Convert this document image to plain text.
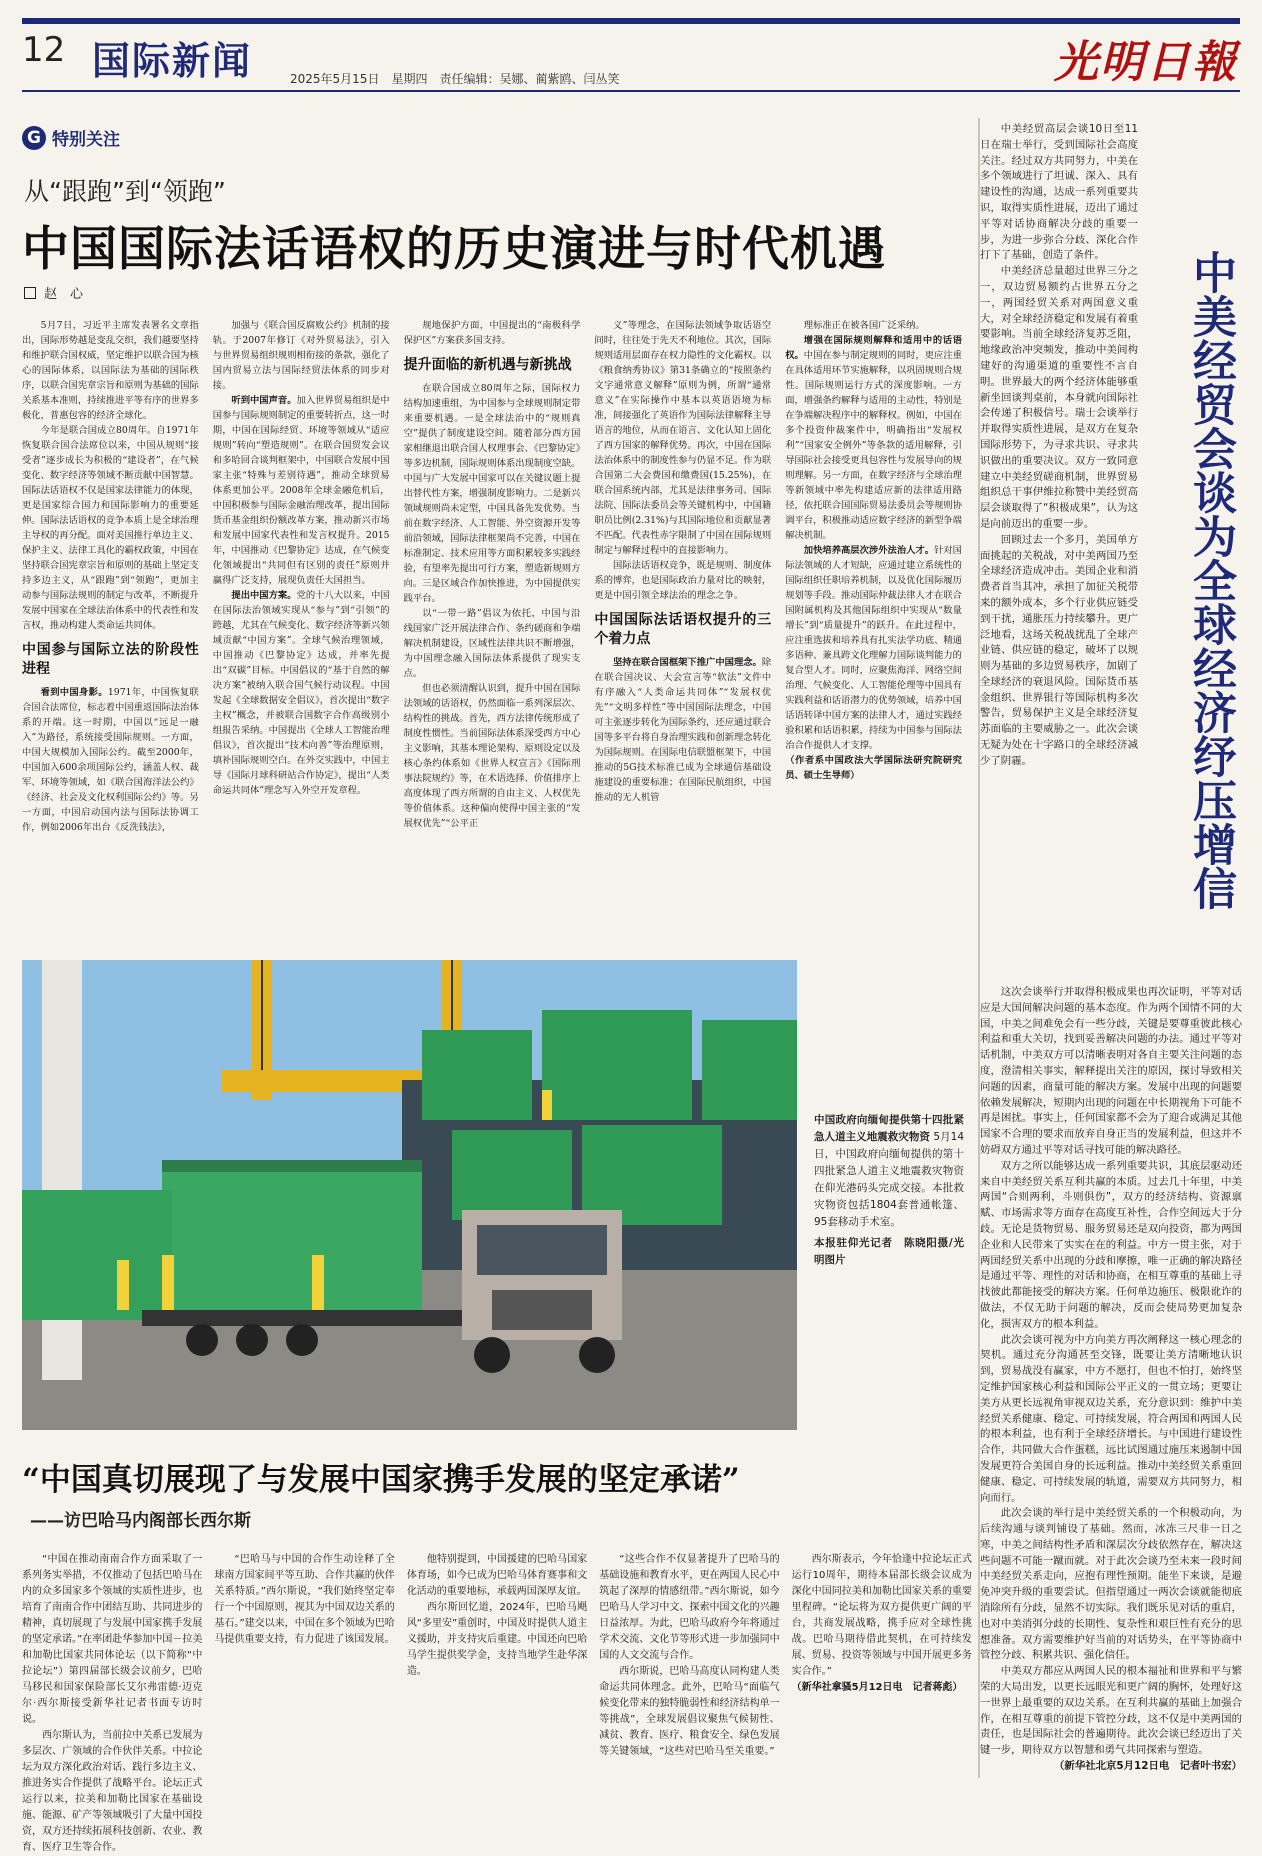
12 国际新闻	2025年5月15日　星期四　责任编辑：吴娜、蔺紫鸥、闫丛笑	光明日報
G 特别关注
从“跟跑”到“领跑”
中国国际法话语权的历史演进与时代机遇
赵　心

5月7日，习近平主席发表署名文章指出，国际形势越是变乱交织，我们越要坚持和维护联合国权威，坚定维护以联合国为核心的国际体系，以国际法为基础的国际秩序，以联合国宪章宗旨和原则为基础的国际关系基本准则，持续推进平等有序的世界多极化，普惠包容的经济全球化。

今年是联合国成立80周年。自1971年恢复联合国合法席位以来，中国从规则“接受者”逐步成长为积极的“建设者”，在气候变化、数字经济等领域不断贡献中国智慧。国际法话语权不仅是国家法律能力的体现，更是国家综合国力和国际影响力的重要延伸。国际法话语权的竞争本质上是全球治理主导权的再分配。面对美国推行单边主义、保护主义、法律工具化的霸权政策，中国在坚持联合国宪章宗旨和原则的基础上坚定支持多边主义，从“跟跑”到“领跑”，更加主动参与国际法规则的制定与改革，不断提升发展中国家在全球法治体系中的代表性和发言权，推动构建人类命运共同体。

中国参与国际立法的阶段性进程

看到中国身影。1971年，中国恢复联合国合法席位，标志着中国重返国际法治体系的开端。这一时期，中国以“远足一融入”为路径，系统接受国际规则。一方面，中国大规模加入国际公约。截至2000年，中国加入600余项国际公约，涵盖人权、裁军、环境等领域，如《联合国海洋法公约》《经济、社会及文化权利国际公约》等。另一方面，中国启动国内法与国际法协调工作，例如2006年出台《反洗钱法》，

加强与《联合国反腐败公约》机制的接轨。于2007年修订《对外贸易法》，引入与世界贸易组织规则相衔接的条款，强化了国内贸易立法与国际经贸法体系的同步对接。

听到中国声音。加入世界贸易组织是中国参与国际规则制定的重要转折点，这一时期，中国在国际经贸、环境等领域从“适应规则”转向“塑造规则”。在联合国贸发会议和多哈回合谈判框架中，中国联合发展中国家主张“特殊与差别待遇”，推动全球贸易体系更加公平。2008年全球金融危机后，中国积极参与国际金融治理改革，提出国际货币基金组织份额改革方案，推动新兴市场和发展中国家代表性和发言权提升。2015年，中国推动《巴黎协定》达成，在气候变化领域提出“共同但有区别的责任”原则并赢得广泛支持，展现负责任大国担当。

提出中国方案。党的十八大以来，中国在国际法治领域实现从“参与”到“引领”的跨越，尤其在气候变化、数字经济等新兴领域贡献“中国方案”。全球气候治理领域，中国推动《巴黎协定》达成，并率先提出“双碳”目标。中国倡议的“基于自然的解决方案”被纳入联合国气候行动议程。中国发起《全球数据安全倡议》，首次提出“数字主权”概念，并被联合国数字合作高级别小组报告采纳。中国提出《全球人工智能治理倡议》，首次提出“技术向善”等治理原则，填补国际规则空白。在外交实践中，中国主导《国际月球科研站合作协定》，提出“人类命运共同体”理念写入外空开发章程。

规地保护方面，中国提出的“南极科学保护区”方案获多国支持。

提升面临的新机遇与新挑战

在联合国成立80周年之际，国际权力结构加速重组，为中国参与全球规则制定带来重要机遇。一是全球法治中的“规则真空”提供了制度建设空间。随着部分西方国家相继退出联合国人权理事会、《巴黎协定》等多边机制，国际规则体系出现制度空缺。中国与广大发展中国家可以在关键议题上提出替代性方案，增强制度影响力。二是新兴领域规则尚未定型，中国具备先发优势。当前在数字经济、人工智能、外空资源开发等前沿领域，国际法律框架尚不完善，中国在标准制定、技术应用等方面积累较多实践经验，有望率先提出可行方案，塑造新规则方向。三是区域合作加快推进，为中国提供实践平台。

以“一带一路”倡议为依托，中国与沿线国家广泛开展法律合作、条约磋商和争端解决机制建设，区域性法律共识不断增强，为中国理念融入国际法体系提供了现实支点。

但也必须清醒认识到，提升中国在国际法领域的话语权，仍然面临一系列深层次、结构性的挑战。首先，西方法律传统形成了制度性惯性。当前国际法体系深受西方中心主义影响，其基本理论架构、原则设定以及核心条约体系如《世界人权宣言》《国际刑事法院规约》等，在术语选择、价值排序上高度体现了西方所谓的自由主义、人权优先等价值体系。这种偏向使得中国主张的“发展权优先”“公平正

义”等理念，在国际法领域争取话语空间时，往往处于先天不利地位。其次，国际规则适用层面存在权力隐性的文化霸权。以《粮食纳秀协议》第31条确立的“按照条约文字通常意义解释”原则为例，所谓“通常意义”在实际操作中基本以英语语境为标准，间接强化了英语作为国际法律解释主导语言的地位，从而在语言、文化认知上固化了西方国家的解释优势。再次，中国在国际法治体系中的制度性参与仍显不足。作为联合国第二大会费国和缴费国(15.25%)，在联合国系统内部，尤其是法律事务司、国际法院、国际法委员会等关键机构中，中国籍职员比例(2.31%)与其国际地位和贡献显著不匹配。代表性赤字限制了中国在国际规则制定与解释过程中的直接影响力。

国际法话语权竞争，既是规则、制度体系的博弈，也是国际政治力量对比的映射，更是中国引领全球法治的理念之争。

中国国际法话语权提升的三个着力点

坚持在联合国框架下推广中国理念。除在联合国决议、大会宣言等“软法”文件中有序融入“人类命运共同体”“发展权优先”“文明多样性”等中国国际法理念，中国可主张逐步转化为国际条约，还应通过联合国等多平台将自身治理实践和创新理念转化为国际规则。在国际电信联盟框架下，中国推动的5G技术标准已成为全球通信基础设施建设的重要标准；在国际民航组织，中国推动的无人机管

理标准正在被各国广泛采纳。

增强在国际规则解释和适用中的话语权。中国在参与制定规则的同时，更应注重在具体适用环节实施解释，以巩固规则合规性。国际规则运行方式的深度影响。一方面，增强条约解释与适用的主动性，特别是在争端解决程序中的解释权。例如，中国在多个投资仲裁案件中，明确指出“发展权利”“国家安全例外”等条款的适用解释，引导国际社会接受更具包容性与发展导向的规则理解。另一方面，在数字经济与全球治理等新领域中率先构建适应新的法律适用路径，依托联合国国际贸易法委员会等规则协调平台，积极推动适应数字经济的新型争端解决机制。

加快培养高层次涉外法治人才。针对国际法领域的人才短缺，应通过建立系统性的国际组织任职培养机制，以及优化国际履历规划等手段。推动国际仲裁法律人才在联合国附属机构及其他国际组织中实现从“数量增长”到“质量提升”的跃升。在此过程中，应注重选拔和培养具有扎实法学功底、精通多语种、兼具跨文化理解力国际谈判能力的复合型人才。同时，应聚焦海洋、网络空间治理、气候变化、人工智能伦理等中国具有实践利益和话语潜力的优势领域，培养中国话语转译中国方案的法律人才，通过实践经验积累和话语积累，持续为中国参与国际法治合作提供人才支撑。

（作者系中国政法大学国际法研究院研究员、硕士生导师）

中国政府向缅甸提供第十四批紧急人道主义地震救灾物资 5月14日，中国政府向缅甸提供的第十四批紧急人道主义地震救灾物资在仰光港码头完成交接。本批救灾物资包括1804套普通帐篷、95套移动手术室。
本报驻仰光记者　陈晓阳摄/光明图片

中美经贸高层会谈10日至11日在瑞士举行，受到国际社会高度关注。经过双方共同努力，中美在多个领域进行了坦诚、深入、具有建设性的沟通，达成一系列重要共识，取得实质性进展，迈出了通过平等对话协商解决分歧的重要一步，为进一步弥合分歧、深化合作打下了基础，创造了条件。

中美经济总量超过世界三分之一，双边贸易额约占世界五分之一，两国经贸关系对两国意义重大，对全球经济稳定和发展有着重要影响。当前全球经济复苏乏阻，地缘政治冲突频发，推动中美间构建好的沟通渠道的重要性不言自明。世界最大的两个经济体能够重新坐回谈判桌前，本身就向国际社会传递了积极信号。瑞士会谈举行并取得实质性进展，是双方在复杂国际形势下，为寻求共识、寻求共识做出的重要决议。双方一致同意建立中美经贸磋商机制，世界贸易组织总干事伊维拉称赞中美经贸高层会谈取得了“积极成果”，认为这是向前迈出的重要一步。

回顾过去一个多月，美国单方面挑起的关税战，对中美两国乃至全球经济造成冲击。美国企业和消费者首当其冲，承担了加征关税带来的额外成本，多个行业供应链受到干扰，通胀压力持续攀升。更广泛地看，这场关税战扰乱了全球产业链、供应链的稳定，破坏了以规则为基础的多边贸易秩序，加剧了全球经济的衰退风险。国际货币基金组织、世界银行等国际机构多次警告，贸易保护主义是全球经济复苏面临的主要威胁之一。此次会谈无疑为处在十字路口的全球经济减少了阴霾。	中美经贸会谈为全球经济纾压增信

这次会谈举行并取得积极成果也再次证明，平等对话应是大国间解决问题的基本态度。作为两个国情不同的大国，中美之间难免会有一些分歧，关键是要尊重彼此核心利益和重大关切，找到妥善解决问题的办法。通过平等对话机制，中美双方可以清晰表明对各自主要关注问题的态度，澄清相关事实，解释提出关注的原因，探讨导致相关问题的因素，商量可能的解决方案。发展中出现的问题要依赖发展解决，短期内出现的问题在中长期视角下可能不再是困扰。事实上，任何国家都不会为了迎合或满足其他国家不合理的要求而放弃自身正当的发展利益，但这并不妨碍双方通过平等对话寻找可能的解决路径。

双方之所以能够达成一系列重要共识，其底层驱动还来自中美经贸关系互利共赢的本质。过去几十年里，中美两国“合则两利，斗则俱伤”，双方的经济结构、资源禀赋、市场需求等方面存在高度互补性，合作空间远大于分歧。无论是货物贸易、服务贸易还是双向投资，都为两国企业和人民带来了实实在在的利益。中方一贯主张，对于两国经贸关系中出现的分歧和摩擦，唯一正确的解决路径是通过平等、理性的对话和协商，在相互尊重的基础上寻找彼此都能接受的解决方案。任何单边施压、极限讹诈的做法，不仅无助于问题的解决，反而会使局势更加复杂化，损害双方的根本利益。

此次会谈可视为中方向美方再次阐释这一核心理念的契机。通过充分沟通甚至交锋，既要让美方清晰地认识到，贸易战没有赢家，中方不愿打，但也不怕打，始终坚定维护国家核心利益和国际公平正义的一贯立场；更要让美方从更长远视角审视双边关系，充分意识到：维护中美经贸关系健康、稳定、可持续发展，符合两国和两国人民的根本利益，也有利于全球经济增长。与中国进行建设性合作，共同做大合作蛋糕，远比试图通过施压来遏制中国发展更符合美国自身的长远利益。推动中美经贸关系重回健康、稳定、可持续发展的轨道，需要双方共同努力，相向而行。

此次会谈的举行是中美经贸关系的一个积极动向，为后续沟通与谈判铺设了基础。然而，冰冻三尺非一日之寒，中美之间结构性矛盾和深层次分歧依然存在，解决这些问题不可能一蹴而就。对于此次会谈乃至未来一段时间中美经贸关系走向，应抱有理性预期。能坐下来谈，是避免冲突升级的重要尝试。但指望通过一两次会谈就能彻底消除所有分歧，显然不切实际。我们既乐见对话的重启，也对中美消弭分歧的长期性、复杂性和艰巨性有充分的思想准备。双方需要维护好当前的对话势头，在平等协商中管控分歧、积累共识、强化信任。

中美双方都应从两国人民的根本福祉和世界和平与繁荣的大局出发，以更长远眼光和更广阔的胸怀，处理好这一世界上最重要的双边关系。在互利共赢的基础上加强合作，在相互尊重的前提下管控分歧，这不仅是中美两国的责任，也是国际社会的普遍期待。此次会谈已经迈出了关键一步，期待双方以智慧和勇气共同探索与塑造。

（新华社北京5月12日电　记者叶书宏）

“中国真切展现了与发展中国家携手发展的坚定承诺”
——访巴哈马内阁部长西尔斯

“中国在推动南南合作方面采取了一系列务实举措，不仅推动了包括巴哈马在内的众多国家多个领域的实质性进步，也培育了南南合作中团结互助、共同进步的精神，真切展现了与发展中国家携手发展的坚定承诺。”在率团赴华参加中国－拉美和加勒比国家共同体论坛（以下简称“中拉论坛”）第四届部长级会议前夕，巴哈马移民和国家保险部长艾尔弗雷德·迈克尔·西尔斯接受新华社记者书面专访时说。

西尔斯认为，当前拉中关系已发展为多层次、广领域的合作伙伴关系。中拉论坛为双方深化政治对话、践行多边主义、推进务实合作提供了战略平台。论坛正式运行以来，拉美和加勒比国家在基础设施、能源、矿产等领域吸引了大量中国投资，双方还持续拓展科技创新、农业、教育、医疗卫生等合作。

“巴哈马与中国的合作生动诠释了全球南方国家间平等互助、合作共赢的伙伴关系特质。”西尔斯说，“我们始终坚定奉行一个中国原则，视其为中国双边关系的基石。”建交以来，中国在多个领域为巴哈马提供重要支持，有力促进了该国发展。

他特别提到，中国援建的巴哈马国家体育场，如今已成为巴哈马体育赛事和文化活动的重要地标，承载两国深厚友谊。

西尔斯回忆道，2024年，巴哈马飓风“多里安”重创时，中国及时提供人道主义援助，并支持灾后重建。中国还向巴哈马学生提供奖学金，支持当地学生赴华深造。

“这些合作不仅显著提升了巴哈马的基础设施和教育水平，更在两国人民心中筑起了深厚的情感纽带。”西尔斯说，如今巴哈马人学习中文、探索中国文化的兴趣日益浓厚。为此，巴哈马政府今年将通过学术交流、文化节等形式进一步加强同中国的人文交流与合作。

西尔斯说，巴哈马高度认同构建人类命运共同体理念。此外，巴哈马“面临气候变化带来的独特脆弱性和经济结构单一等挑战”，全球发展倡议聚焦气候韧性、减贫、教育、医疗、粮食安全、绿色发展等关键领域，“这些对巴哈马至关重要。”

西尔斯表示，今年恰逢中拉论坛正式运行10周年，期待本届部长级会议成为深化中国同拉美和加勒比国家关系的重要里程碑。“论坛将为双方提供更广阔的平台，共商发展战略，携手应对全球性挑战。巴哈马期待借此契机，在可持续发展、贸易、投资等领域与中国开展更多务实合作。”

（新华社拿骚5月12日电　记者蒋彪）
